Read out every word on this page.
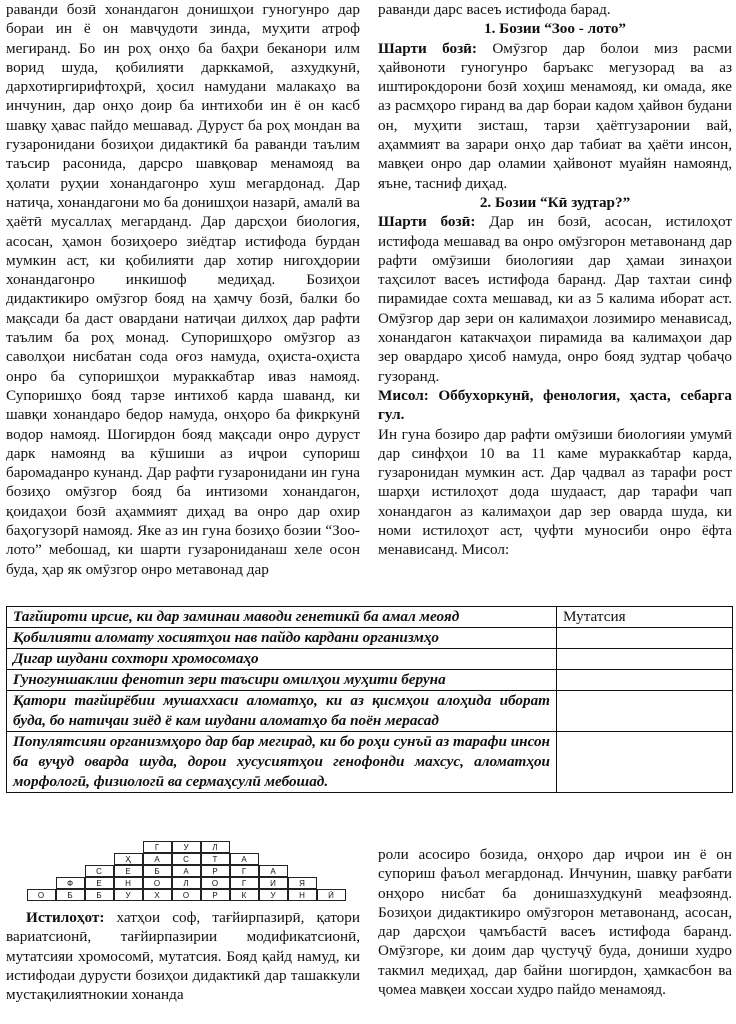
раванди бозӣ хонандагон донишҳои гуногунро дар бораи ин ё он мавҷудоти зинда, муҳити атроф мегиранд. Бо ин роҳ онҳо ба баҳри беканори илм ворид шуда, қобилияти дарккамоӣ, азхудкунӣ, дархотиргирифтоҳрӣ, ҳосил намудани малакаҳо ва инчунин, дар онҳо доир ба интихоби ин ё он касб шавқу ҳавас пайдо мешавад. Дуруст ба роҳ мондан ва гузаронидани бозиҳои дидактикӣ ба раванди таълим таъсир расонида, дарсро шавқовар менамояд ва ҳолати руҳии хонандагонро хуш мегардонад. Дар натиҷа, хонандагони мо ба донишҳои назарӣ, амалӣ ва ҳаётӣ мусаллаҳ мегарданд. Дар дарсҳои биология, асосан, ҳамон бозиҳоеро зиёдтар истифода бурдан мумкин аст, ки қобилияти дар хотир нигоҳдории хонандагонро инкишоф медиҳад. Бозиҳои дидактикиро омӯзгор бояд на ҳамчу бозӣ, балки бо мақсади ба даст овардани натиҷаи дилхоҳ дар рафти таълим ба роҳ монад. Супоришҳоро омӯзгор аз саволҳои нисбатан сода оғоз намуда, оҳиста-оҳиста онро ба супоришҳои мураккабтар иваз намояд. Супоришҳо бояд тарзе интихоб карда шаванд, ки шавқи хонандаро бедор намуда, онҳоро ба фикркунӣ водор намояд. Шогирдон бояд мақсади онро дуруст дарк намоянд ва кӯшиши аз иҷрои супориш баромаданро кунанд. Дар рафти гузаронидани ин гуна бозиҳо омӯзгор бояд ба интизоми хонандагон, қоидаҳои бозӣ аҳаммият диҳад ва онро дар охир баҳогузорӣ намояд. Яке аз ин гуна бозиҳо бозии “Зоо-лото” мебошад, ки шарти гузарониданаш хеле осон буда, ҳар як омӯзгор онро метавонад дар

раванди дарс васеъ истифода барад.

1. Бозии “Зоо - лото”

Шарти бозӣ: Омӯзгор дар болои миз расми ҳайвоноти гуногунро баръакс мегузорад ва аз иштирокдорони бозӣ хоҳиш менамояд, ки омада, яке аз расмҳоро гиранд ва дар бораи кадом ҳайвон будани он, муҳити зисташ, тарзи ҳаётгузаронии вай, аҳаммият ва зарари онҳо дар табиат ва ҳаёти инсон, мавқеи онро дар оламии ҳайвонот муайян намоянд, яъне, тасниф диҳад.

2. Бозии “Кӣ зудтар?”

Шарти бозӣ: Дар ин бозӣ, асосан, истилоҳот истифода мешавад ва онро омӯзгорон метавонанд дар рафти омӯзиши биологияи дар ҳамаи зинаҳои таҳсилот васеъ истифода баранд. Дар тахтаи синф пирамидае сохта мешавад, ки аз 5 калима иборат аст. Омӯзгор дар зери он калимаҳои лозимиро менависад, хонандагон катакчаҳои пирамида ва калимаҳои дар зер овардаро ҳисоб намуда, онро бояд зудтар ҷобаҷо гузоранд.

Мисол: Оббуxоркунӣ, фенология, ҳаста, себарга гул.

Ин гуна бозиро дар рафти омӯзиши биологияи умумӣ дар синфҳои 10 ва 11 каме мураккабтар карда, гузаронидан мумкин аст. Дар ҷадвал аз тарафи рост шарҳи истилоҳот дода шудааст, дар тарафи чап хонандагон аз калимаҳои дар зер оварда шуда, ки номи истилоҳот аст, ҷуфти муносиби онро ёфта менависанд. Мисол:

Тағйироти ирсие, ки дар заминаи мавoди генетикӣ ба амал меояд	Мутатсия
Қобилияти аломату хосиятҳои нав пайдо кардани организмҳо	
Дигар шудани сохтори хромосомаҳо	
Гуногуншаклии фенотип зери таъсири омилҳои муҳити беруна	
Қатори тағйирёбии мушаххаси аломатҳо, ки аз қисмҳои алоҳида иборат буда, бо натиҷаи зиёд ё кам шудани аломатҳо ба поён мерасад	
Популятсияи организмҳоро дар бар мегирад, ки бо роҳи сунъӣ аз тарафи инсон ба вуҷуд оварда шуда, дорои хусусиятҳои генофонди махсус, аломатҳои морфологӣ, физиологӣ ва сермаҳсулӣ мебошад.	
Г	У	Л
Ҳ	А	С	Т	А
С	Е	Б	А	Р	Г	А
Ф	Е	Н	О	Л	О	Г	И	Я
О	Б	Б	У	Х	О	Р	К	У	Н	Ӣ

Истилоҳот: хатҳои соф, тағйирпазирӣ, қатори вариатсионӣ, тағйирпазирии модификатсионӣ, мутатсияи хромосомӣ, мутатсия. Бояд қайд намуд, ки истифодаи дурусти бозиҳои дидактикӣ дар ташаккули мустақилиятнокии хонанда

роли асосиро бозида, онҳоро дар иҷрои ин ё он супориш фаъол мегардонад. Инчунин, шавқу рағбати онҳоро нисбат ба донишазхудкунӣ меафзоянд. Бозиҳои дидактикиро омӯзгорон метавонанд, асосан, дар дарсҳои ҷамъбастӣ васеъ истифода баранд. Омӯзгоре, ки доим дар ҷустуҷӯ буда, дониши худро такмил медиҳад, дар байни шогирдон, ҳамкасбон ва ҷомеа мавқеи хоссаи худро пайдо менамояд.
